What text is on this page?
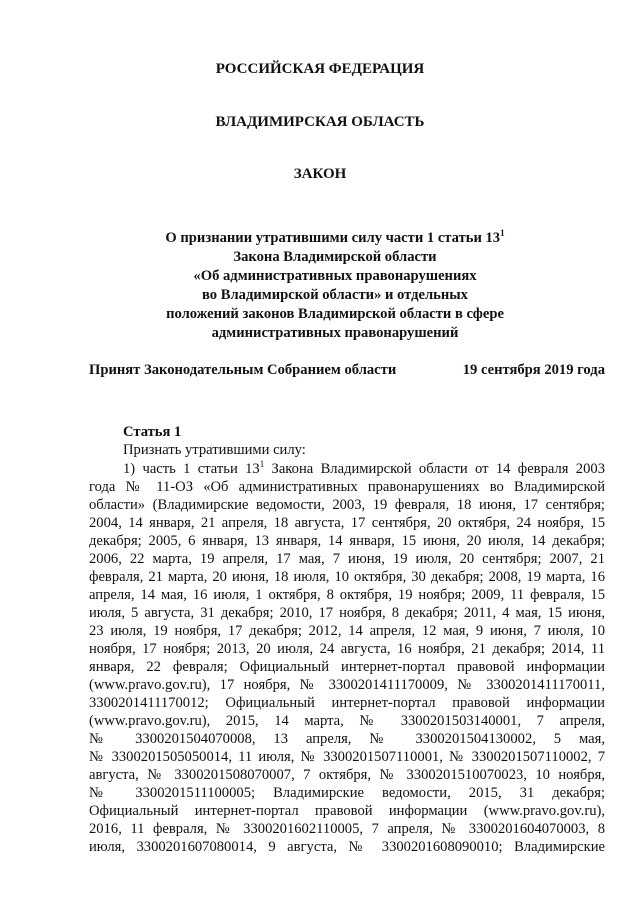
РОССИЙСКАЯ ФЕДЕРАЦИЯ
ВЛАДИМИРСКАЯ ОБЛАСТЬ
ЗАКОН
О признании утратившими силу части 1 статьи $13^1$
Закона Владимирской области
«Об административных правонарушениях
во Владимирской области» и отдельных
положений законов Владимирской области в сфере
административных правонарушений
Принят Законодательным Собранием области	19 сентября 2019 года
Статья 1
Признать утратившими силу:
1) часть 1 статьи $13^1$ Закона Владимирской области от 14 февраля 2003
года № 11-ОЗ «Об административных правонарушениях во Владимирской
области» (Владимирские ведомости, 2003, 19 февраля, 18 июня, 17 сентября;
2004, 14 января, 21 апреля, 18 августа, 17 сентября, 20 октября, 24 ноября, 15
декабря; 2005, 6 января, 13 января, 14 января, 15 июня, 20 июля, 14 декабря;
2006, 22 марта, 19 апреля, 17 мая, 7 июня, 19 июля, 20 сентября; 2007, 21
февраля, 21 марта, 20 июня, 18 июля, 10 октября, 30 декабря; 2008, 19 марта, 16
апреля, 14 мая, 16 июля, 1 октября, 8 октября, 19 ноября; 2009, 11 февраля, 15
июля, 5 августа, 31 декабря; 2010, 17 ноября, 8 декабря; 2011, 4 мая, 15 июня,
23 июля, 19 ноября, 17 декабря; 2012, 14 апреля, 12 мая, 9 июня, 7 июля, 10
ноября, 17 ноября; 2013, 20 июля, 24 августа, 16 ноября, 21 декабря; 2014, 11
января, 22 февраля; Официальный интернет-портал правовой информации
(www.pravo.gov.ru), 17 ноября, № 3300201411170009, № 3300201411170011,
3300201411170012; Официальный интернет-портал правовой информации
(www.pravo.gov.ru), 2015, 14 марта, № 3300201503140001, 7 апреля,
№ 3300201504070008, 13 апреля, № 3300201504130002, 5 мая,
№ 3300201505050014, 11 июля, № 3300201507110001, № 3300201507110002, 7
августа, № 3300201508070007, 7 октября, № 3300201510070023, 10 ноября,
№ 3300201511100005; Владимирские ведомости, 2015, 31 декабря;
Официальный интернет-портал правовой информации (www.pravo.gov.ru),
2016, 11 февраля, № 3300201602110005, 7 апреля, № 3300201604070003, 8
июля, 3300201607080014, 9 августа, № 3300201608090010; Владимирские
